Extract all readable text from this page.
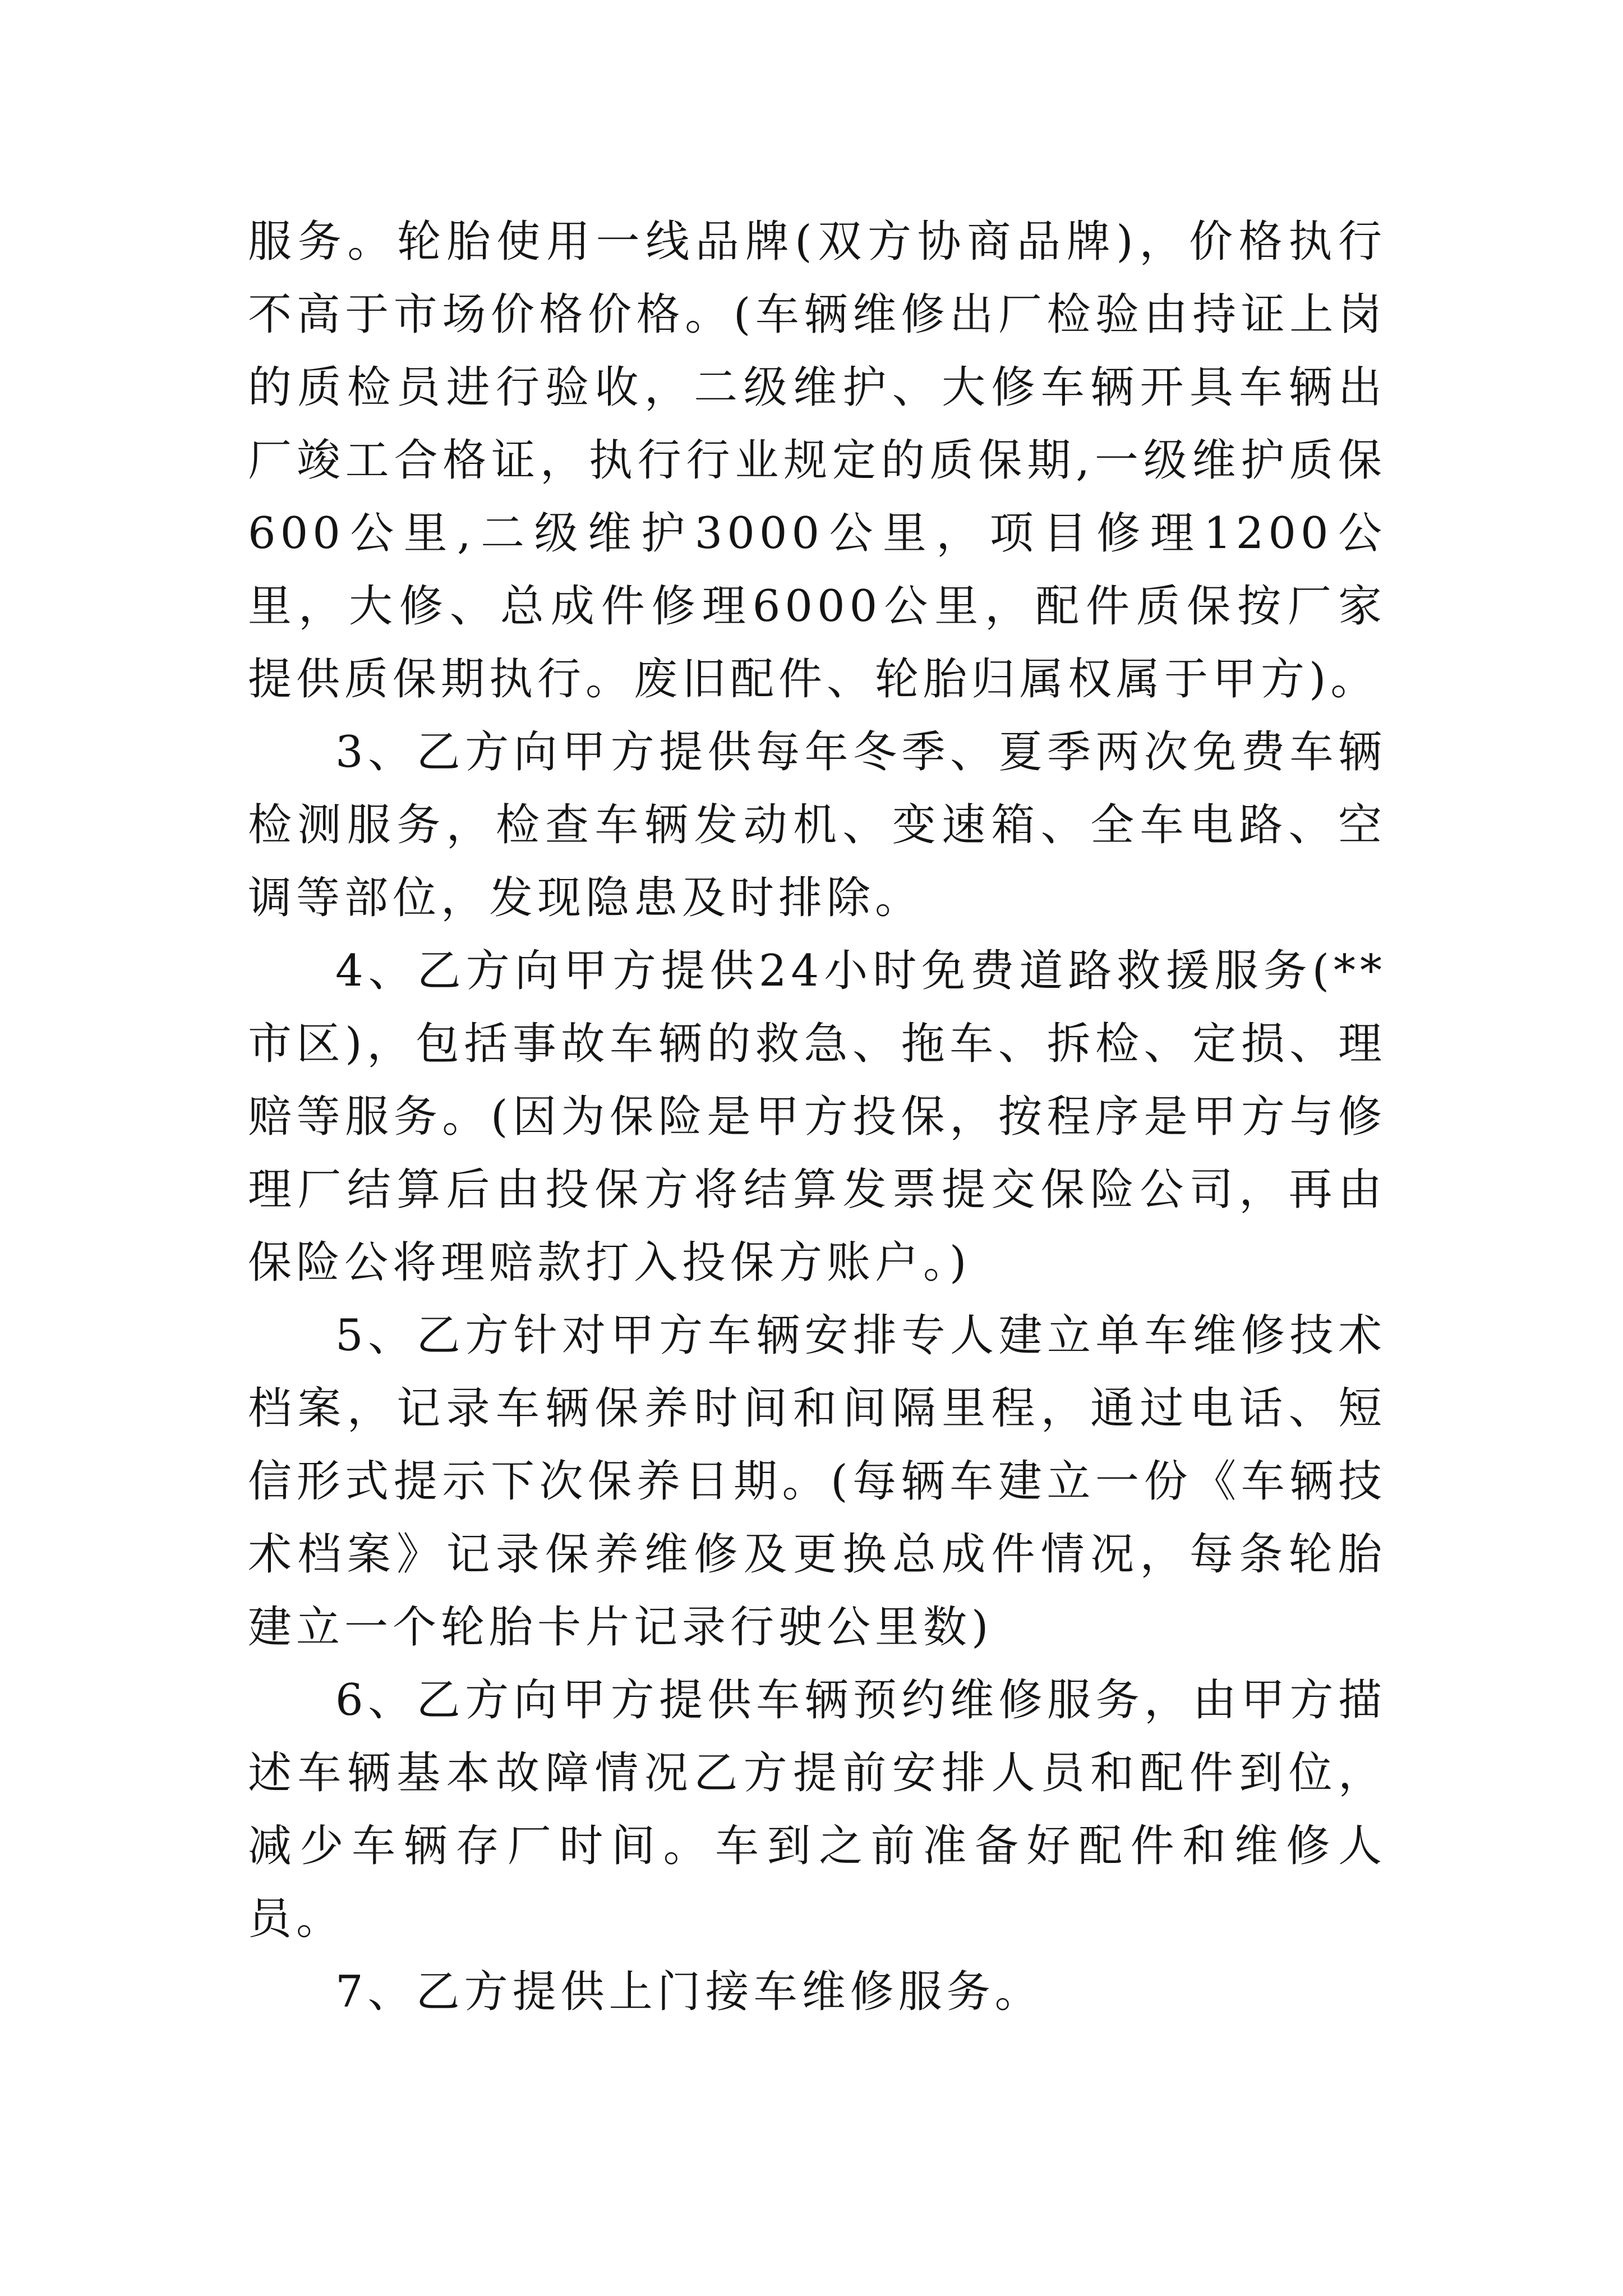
服务。轮胎使用一线品牌(双方协商品牌)，价格执行不高于市场价格价格。(车辆维修出厂检验由持证上岗的质检员进行验收，二级维护、大修车辆开具车辆出厂竣工合格证，执行行业规定的质保期,一级维护质保600公里,二级维护3000公里，项目修理1200公里，大修、总成件修理6000公里，配件质保按厂家提供质保期执行。废旧配件、轮胎归属权属于甲方)。

3、乙方向甲方提供每年冬季、夏季两次免费车辆检测服务，检查车辆发动机、变速箱、全车电路、空调等部位，发现隐患及时排除。

4、乙方向甲方提供24小时免费道路救援服务(**市区)，包括事故车辆的救急、拖车、拆检、定损、理赔等服务。(因为保险是甲方投保，按程序是甲方与修理厂结算后由投保方将结算发票提交保险公司，再由保险公将理赔款打入投保方账户。)

5、乙方针对甲方车辆安排专人建立单车维修技术档案，记录车辆保养时间和间隔里程，通过电话、短信形式提示下次保养日期。(每辆车建立一份《车辆技术档案》记录保养维修及更换总成件情况，每条轮胎建立一个轮胎卡片记录行驶公里数)

6、乙方向甲方提供车辆预约维修服务，由甲方描述车辆基本故障情况乙方提前安排人员和配件到位，减少车辆存厂时间。车到之前准备好配件和维修人员。

7、乙方提供上门接车维修服务。
